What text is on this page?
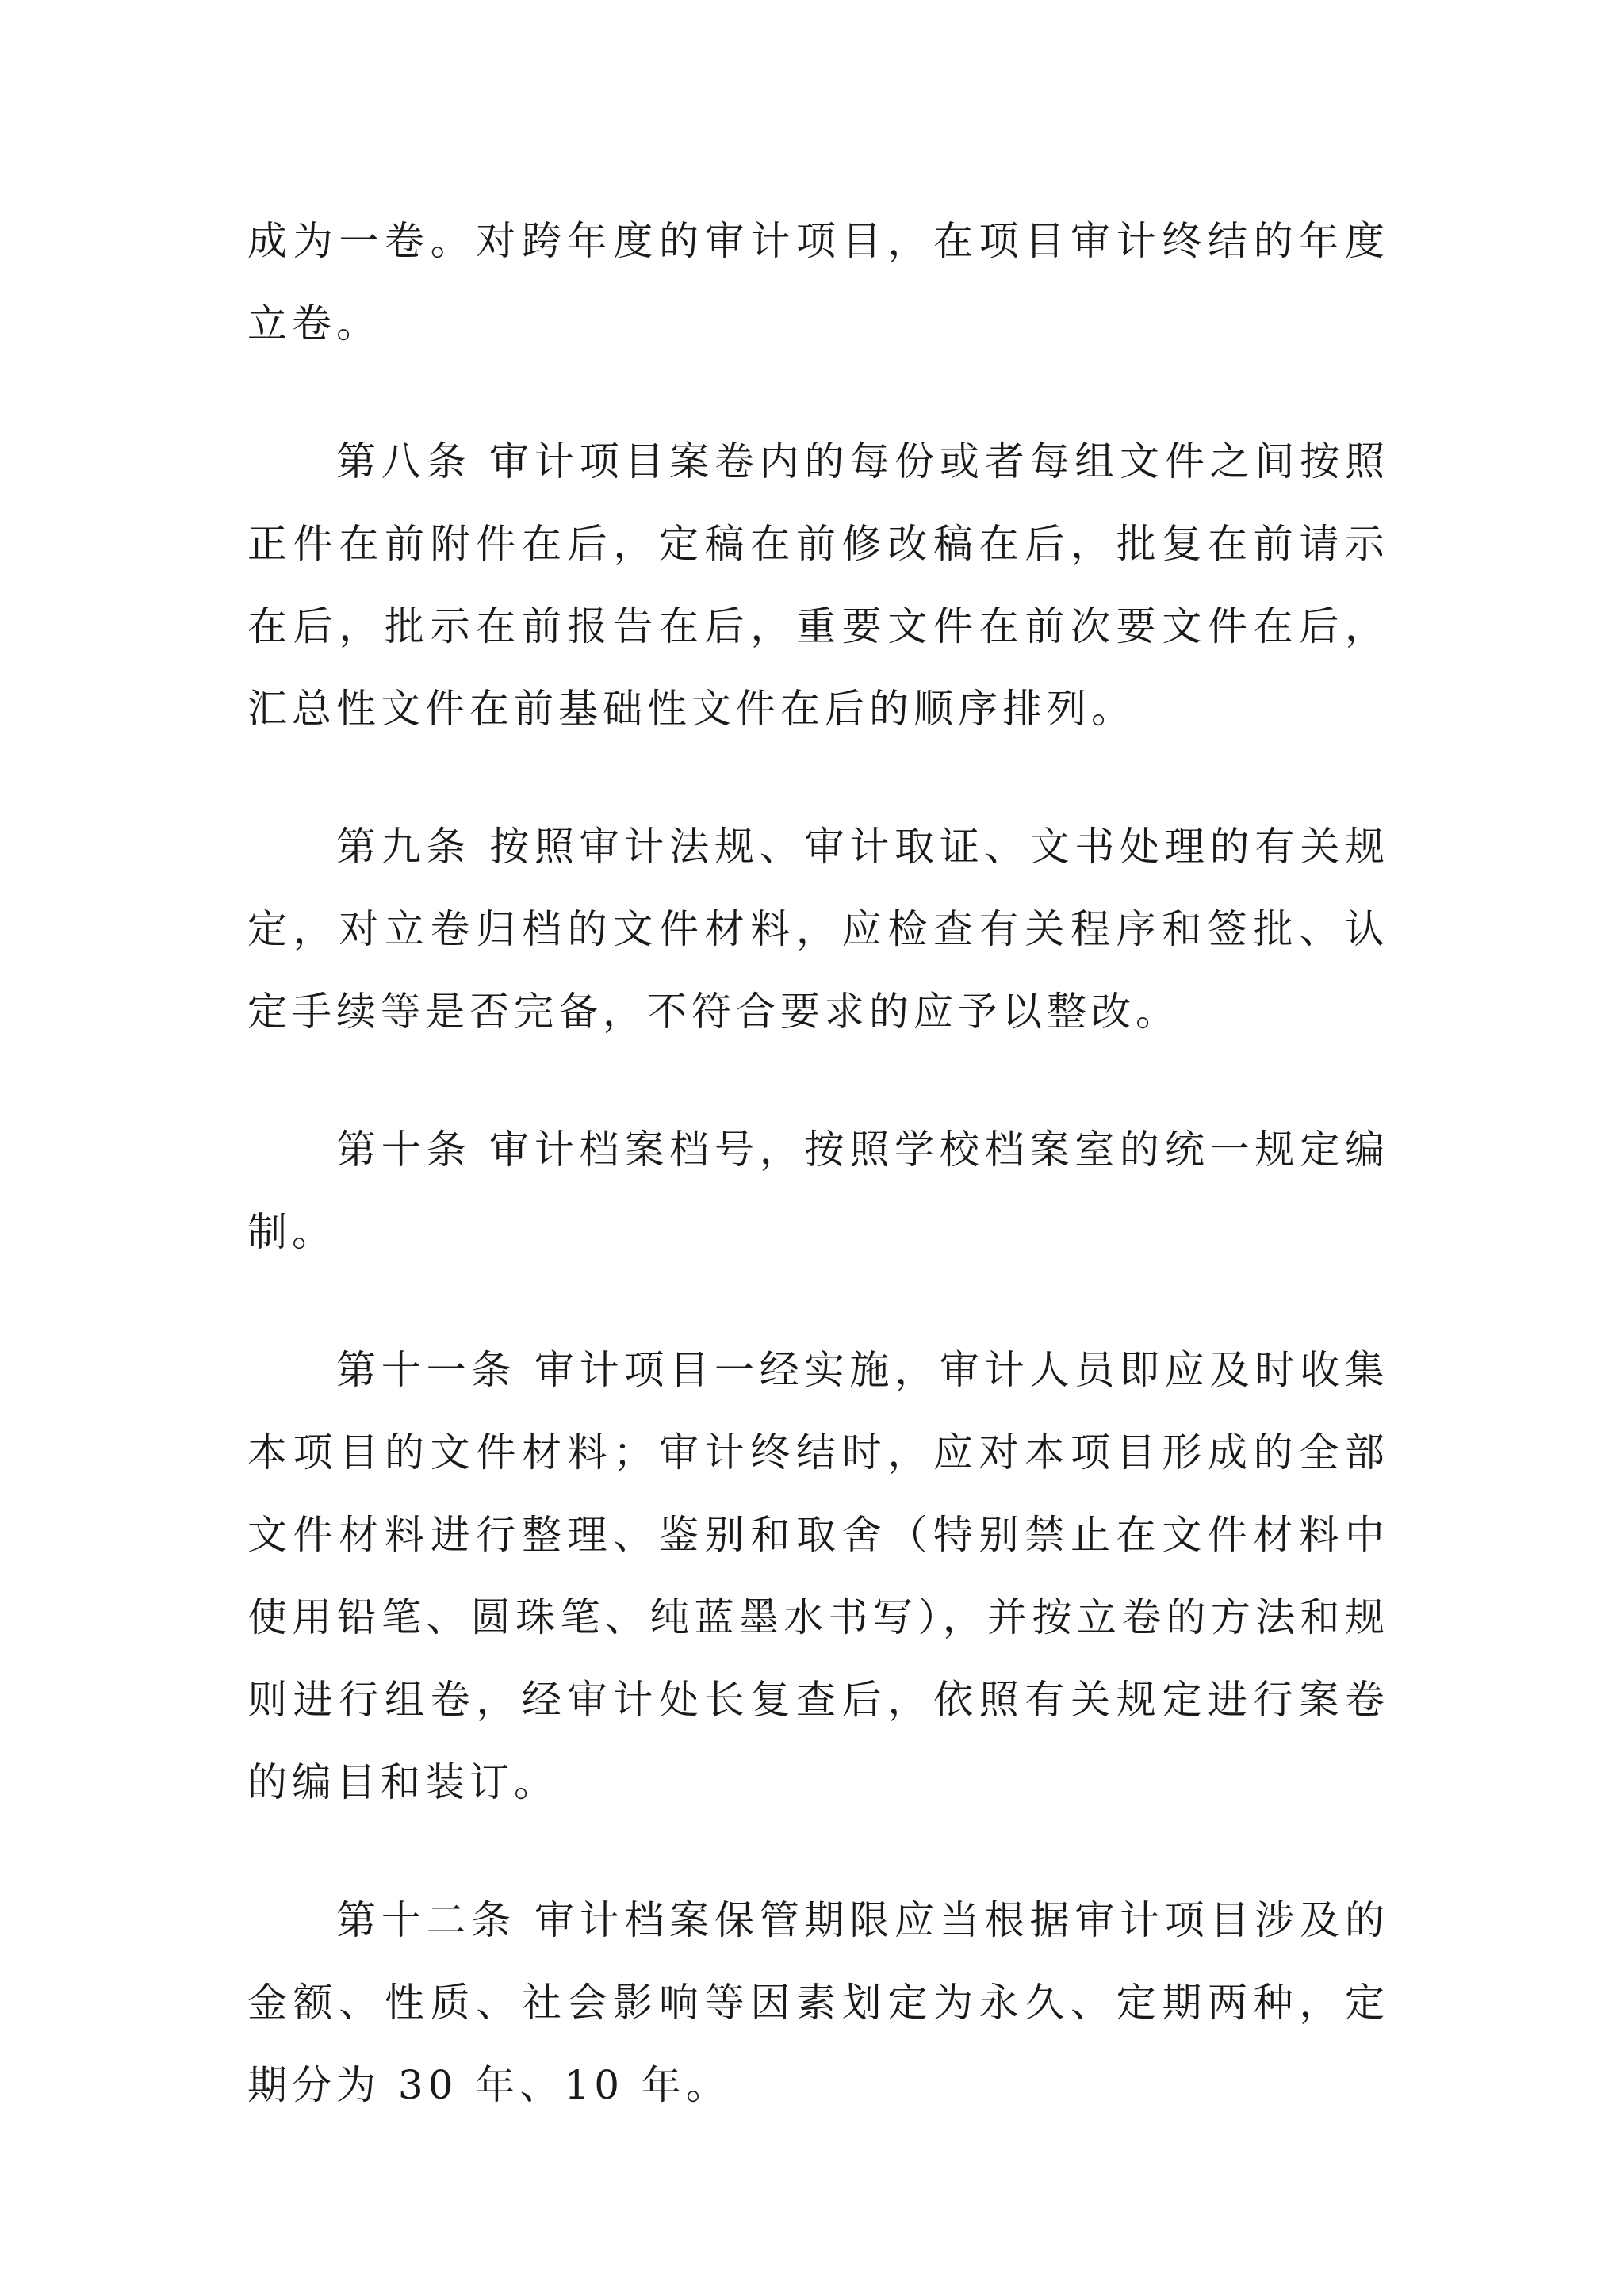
成为一卷。对跨年度的审计项目，在项目审计终结的年度立卷。

第八条 审计项目案卷内的每份或者每组文件之间按照正件在前附件在后，定稿在前修改稿在后，批复在前请示在后，批示在前报告在后，重要文件在前次要文件在后，汇总性文件在前基础性文件在后的顺序排列。

第九条 按照审计法规、审计取证、文书处理的有关规定，对立卷归档的文件材料，应检查有关程序和签批、认定手续等是否完备，不符合要求的应予以整改。

第十条 审计档案档号，按照学校档案室的统一规定编制。

第十一条 审计项目一经实施，审计人员即应及时收集本项目的文件材料；审计终结时，应对本项目形成的全部文件材料进行整理、鉴别和取舍（特别禁止在文件材料中使用铅笔、圆珠笔、纯蓝墨水书写），并按立卷的方法和规则进行组卷，经审计处长复查后，依照有关规定进行案卷的编目和装订。

第十二条 审计档案保管期限应当根据审计项目涉及的金额、性质、社会影响等因素划定为永久、定期两种，定期分为 30 年、10 年。
